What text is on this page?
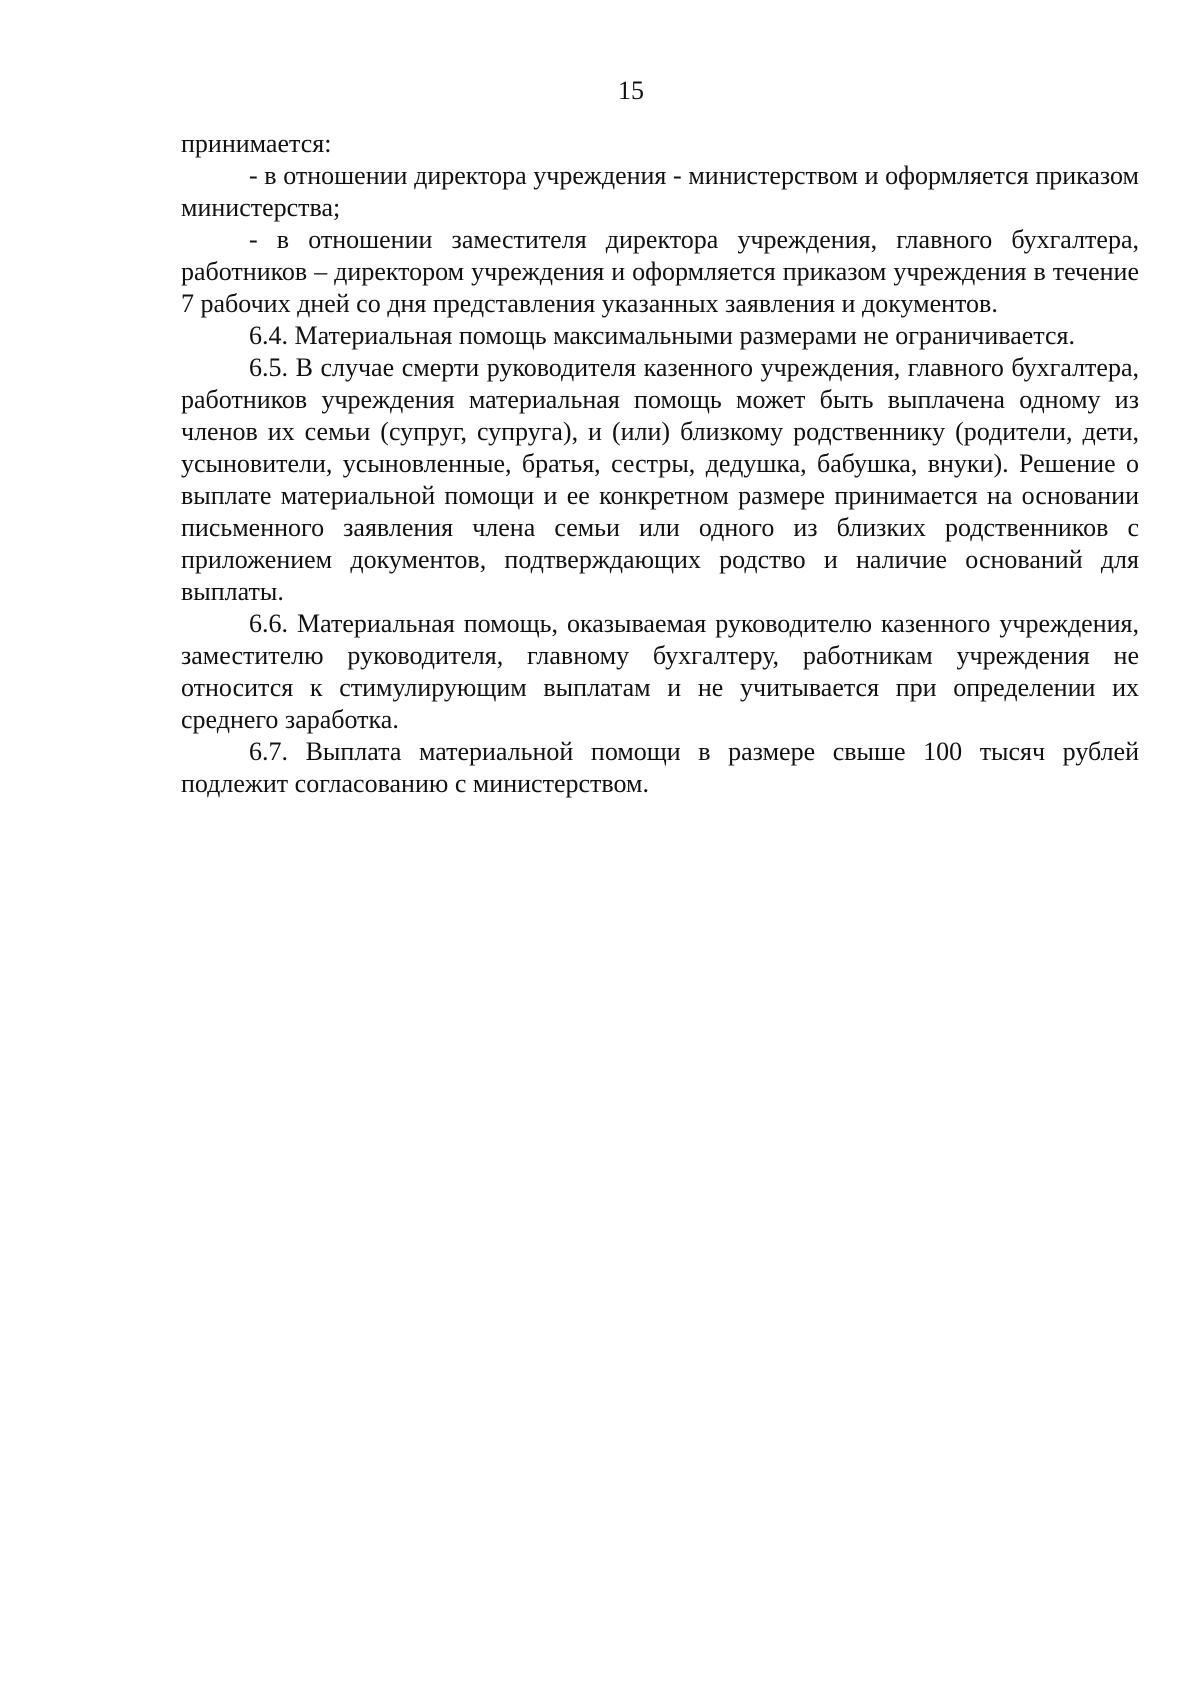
15

принимается:

- в отношении директора учреждения - министерством и оформляется приказом министерства;

- в отношении заместителя директора учреждения, главного бухгалтера, работников – директором учреждения и оформляется приказом учреждения в течение 7 рабочих дней со дня представления указанных заявления и документов.

6.4. Материальная помощь максимальными размерами не ограничивается.

6.5. В случае смерти руководителя казенного учреждения, главного бухгалтера, работников учреждения материальная помощь может быть выплачена одному из членов их семьи (супруг, супруга), и (или) близкому родственнику (родители, дети, усыновители, усыновленные, братья, сестры, дедушка, бабушка, внуки). Решение о выплате материальной помощи и ее конкретном размере принимается на основании письменного заявления члена семьи или одного из близких родственников с приложением документов, подтверждающих родство и наличие оснований для выплаты.

6.6. Материальная помощь, оказываемая руководителю казенного учреждения, заместителю руководителя, главному бухгалтеру, работникам учреждения не относится к стимулирующим выплатам и не учитывается при определении их среднего заработка.

6.7. Выплата материальной помощи в размере свыше 100 тысяч рублей подлежит согласованию с министерством.
